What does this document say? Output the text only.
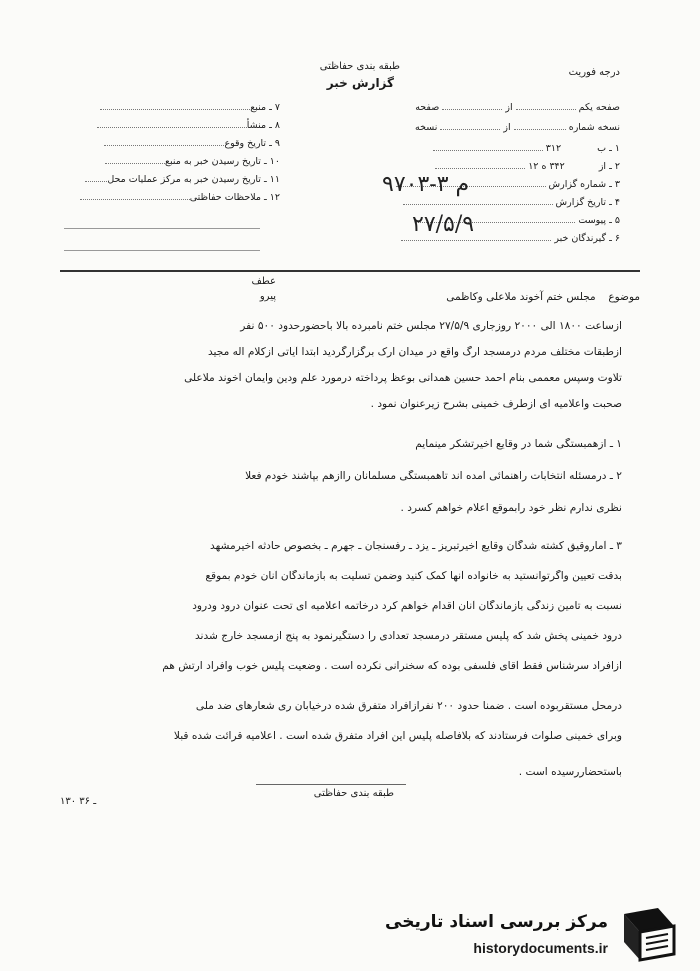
طبقه بندی حفاظتی
گزارش خبر
درجه فوریت
صفحه یکم  از  صفحه
نسخه شماره  از  نسخه
۱ ـ ب  ۳۱۲
۲ ـ از  ۳۴۲ ه ۱۲
۳ ـ شماره گزارش
۴ ـ تاریخ گزارش
۵ ـ پیوست
۶ ـ گیرندگان خبر
۹۷۰۳-۳ م
۲۷/۵/۹
۷ ـ منبع
۸ ـ منشأ
۹ ـ تاریخ وقوع
۱۰ ـ تاریخ رسیدن خبر به منبع
۱۱ ـ تاریخ رسیدن خبر به مرکز عملیات محل
۱۲ ـ ملاحظات حفاظتی
عطف
پیرو	موضوع  مجلس ختم آخوند ملاعلی وکاظمی
ازساعت ۱۸۰۰ الی ۲۰۰۰ روزجاری ۲۷/۵/۹ مجلس ختم نامبرده بالا باحضورحدود ۵۰۰ نفر
ازطبقات مختلف مردم درمسجد ارگ واقع در میدان ارک برگزارگردید ابتدا آیاتی ازکلام اله مجید
تلاوت وسپس معممی بنام احمد حسین همدانی بوعظ پرداخته درمورد علم ودین وایمان آخوند ملاعلی
صحبت واعلامیه ای ازطرف خمینی بشرح زیرعنوان نمود .
۱ ـ ازهمبستگی شما در وقایع اخیرتشکر مینمایم
۲ ـ درمسئله انتخابات راهنمائی آمده اند تاهمبستگی مسلمانان راازهم بپاشند خودم فعلا
نظری ندارم نظر خود رابموقع اعلام خواهم کسرد .
۳ ـ آماروقیق کشته شدگان وقایع اخیرتبریز ـ یزد ـ رفسنجان ـ جهرم ـ بخصوص حادثه اخیرمشهد
بدقت تعیین واگرتوانستید به خانواده آنها کمک کنید وضمن تسلیت به بازماندگان آنان خودم بموقع
نسبت به تامین زندگی بازماندگان آنان اقدام خواهم کرد درخاتمه اعلامیه ای تحت عنوان درود ودرود
درود خمینی پخش شد که پلیس مستقر درمسجد تعدادی را دستگیرنمود به پنج ازمسجد خارج شدند
ازافراد سرشناس فقط آقای فلسفی بوده که سخنرانی نکرده است . وضعیت پلیس خوب وافراد ارتش هم
درمحل مستقربوده است . ضمنا حدود ۲۰۰ نفرازافراد متفرق شده درخیابان ری شعارهای ضد ملی
وبرای خمینی صلوات فرستادند که بلافاصله پلیس این افراد متفرق شده است . اعلامیه قرائت شده قبلا
باستحضاررسیده است .
طبقه بندی حفاظتی
۱۳۰ ـ ۳۶
مرکز بررسی اسناد تاریخی
historydocuments.ir
